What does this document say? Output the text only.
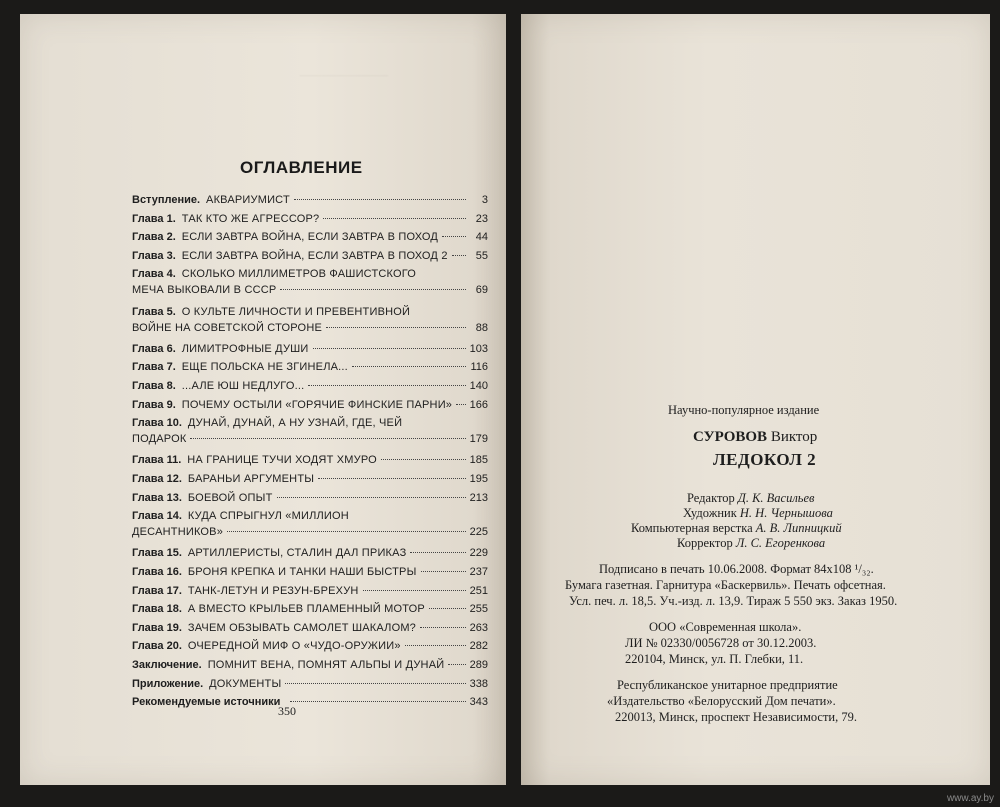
‾‾‾‾‾‾‾‾‾‾‾‾‾‾‾‾‾‾‾‾‾‾‾‾
ОГЛАВЛЕНИЕ
Вступление. АКВАРИУМИСТ	3
Глава 1. ТАК КТО ЖЕ АГРЕССОР?	23
Глава 2. ЕСЛИ ЗАВТРА ВОЙНА, ЕСЛИ ЗАВТРА В ПОХОД	44
Глава 3. ЕСЛИ ЗАВТРА ВОЙНА, ЕСЛИ ЗАВТРА В ПОХОД 2	55
Глава 4. СКОЛЬКО МИЛЛИМЕТРОВ ФАШИСТСКОГО
МЕЧА ВЫКОВАЛИ В СССР	69
Глава 5. О КУЛЬТЕ ЛИЧНОСТИ И ПРЕВЕНТИВНОЙ
ВОЙНЕ НА СОВЕТСКОЙ СТОРОНЕ	88
Глава 6. ЛИМИТРОФНЫЕ ДУШИ	103
Глава 7. ЕЩЕ ПОЛЬСКА НЕ ЗГИНЕЛА...	116
Глава 8. ...АЛЕ ЮШ НЕДЛУГО...	140
Глава 9. ПОЧЕМУ ОСТЫЛИ «ГОРЯЧИЕ ФИНСКИЕ ПАРНИ» 166
Глава 10. ДУНАЙ, ДУНАЙ, А НУ УЗНАЙ, ГДЕ, ЧЕЙ
ПОДАРОК	179
Глава 11. НА ГРАНИЦЕ ТУЧИ ХОДЯТ ХМУРО	185
Глава 12. БАРАНЬИ АРГУМЕНТЫ	195
Глава 13. БОЕВОЙ ОПЫТ	213
Глава 14. КУДА СПРЫГНУЛ «МИЛЛИОН
ДЕСАНТНИКОВ»	225
Глава 15. АРТИЛЛЕРИСТЫ, СТАЛИН ДАЛ ПРИКАЗ	229
Глава 16. БРОНЯ КРЕПКА И ТАНКИ НАШИ БЫСТРЫ	237
Глава 17. ТАНК-ЛЕТУН И РЕЗУН-БРЕХУН	251
Глава 18. А ВМЕСТО КРЫЛЬЕВ ПЛАМЕННЫЙ МОТОР	255
Глава 19. ЗАЧЕМ ОБЗЫВАТЬ САМОЛЕТ ШАКАЛОМ?	263
Глава 20. ОЧЕРЕДНОЙ МИФ О «ЧУДО-ОРУЖИИ»	282
Заключение. ПОМНИТ ВЕНА, ПОМНЯТ АЛЬПЫ И ДУНАЙ 289
Приложение. ДОКУМЕНТЫ	338
Рекомендуемые источники	343
350
Научно-популярное издание
СУРОВОВ Виктор
ЛЕДОКОЛ 2
Редактор Д. К. Васильев
Художник Н. Н. Чернышова
Компьютерная верстка А. В. Липницкий
Корректор Л. С. Егоренкова
Подписано в печать 10.06.2008. Формат 84x108 ¹/₃₂.
Бумага газетная. Гарнитура «Баскервиль». Печать офсетная.
Усл. печ. л. 18,5. Уч.-изд. л. 13,9. Тираж 5 550 экз. Заказ 1950.
ООО «Современная школа».
ЛИ № 02330/0056728 от 30.12.2003.
220104, Минск, ул. П. Глебки, 11.
Республиканское унитарное предприятие
«Издательство «Белорусский Дом печати».
220013, Минск, проспект Независимости, 79.
www.ay.by
